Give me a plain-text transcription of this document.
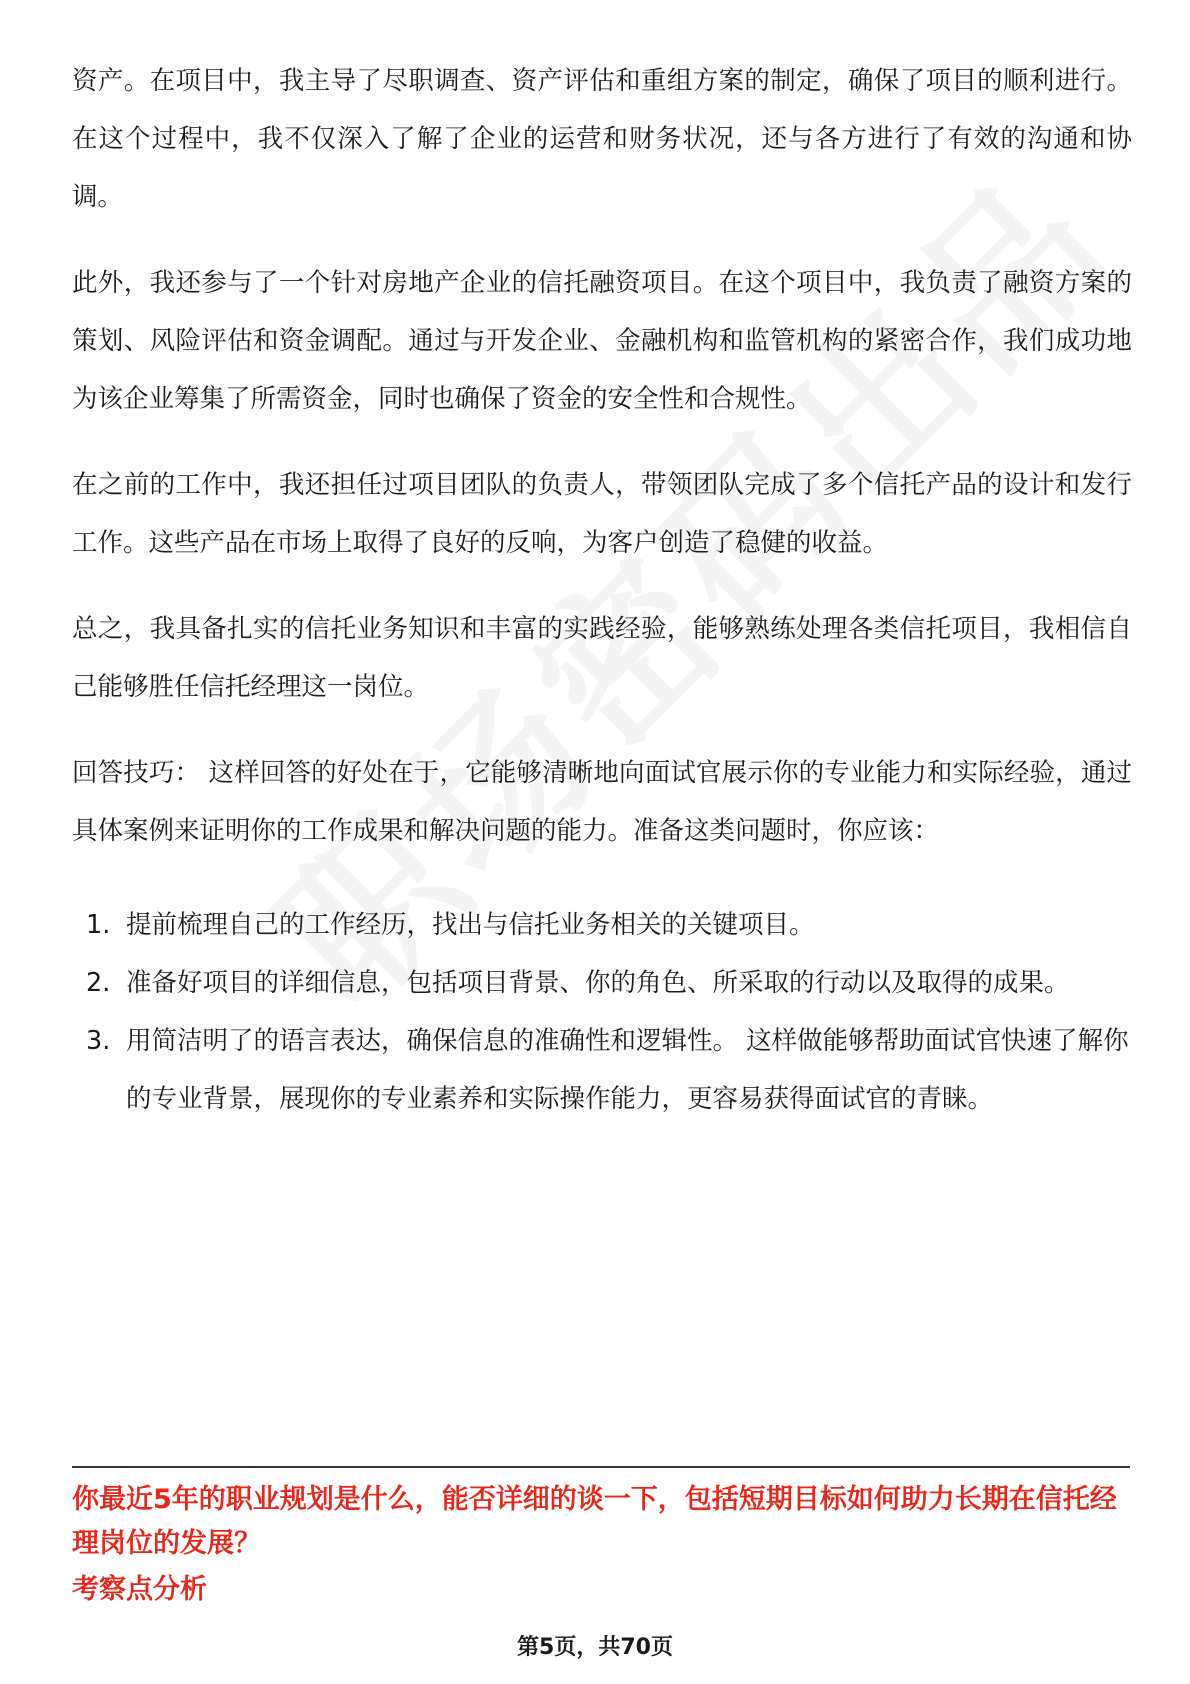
资产。在项目中，我主导了尽职调查、资产评估和重组方案的制定，确保了项目的顺利进行。在这个过程中，我不仅深入了解了企业的运营和财务状况，还与各方进行了有效的沟通和协调。

此外，我还参与了一个针对房地产企业的信托融资项目。在这个项目中，我负责了融资方案的策划、风险评估和资金调配。通过与开发企业、金融机构和监管机构的紧密合作，我们成功地为该企业筹集了所需资金，同时也确保了资金的安全性和合规性。

在之前的工作中，我还担任过项目团队的负责人，带领团队完成了多个信托产品的设计和发行工作。这些产品在市场上取得了良好的反响，为客户创造了稳健的收益。

总之，我具备扎实的信托业务知识和丰富的实践经验，能够熟练处理各类信托项目，我相信自己能够胜任信托经理这一岗位。

回答技巧： 这样回答的好处在于，它能够清晰地向面试官展示你的专业能力和实际经验，通过具体案例来证明你的工作成果和解决问题的能力。准备这类问题时，你应该：

1. 提前梳理自己的工作经历，找出与信托业务相关的关键项目。
2. 准备好项目的详细信息，包括项目背景、你的角色、所采取的行动以及取得的成果。
3. 用简洁明了的语言表达，确保信息的准确性和逻辑性。 这样做能够帮助面试官快速了解你的专业背景，展现你的专业素养和实际操作能力，更容易获得面试官的青睐。
你最近5年的职业规划是什么，能否详细的谈一下，包括短期目标如何助力长期在信托经理岗位的发展？
考察点分析
第5页，共70页
